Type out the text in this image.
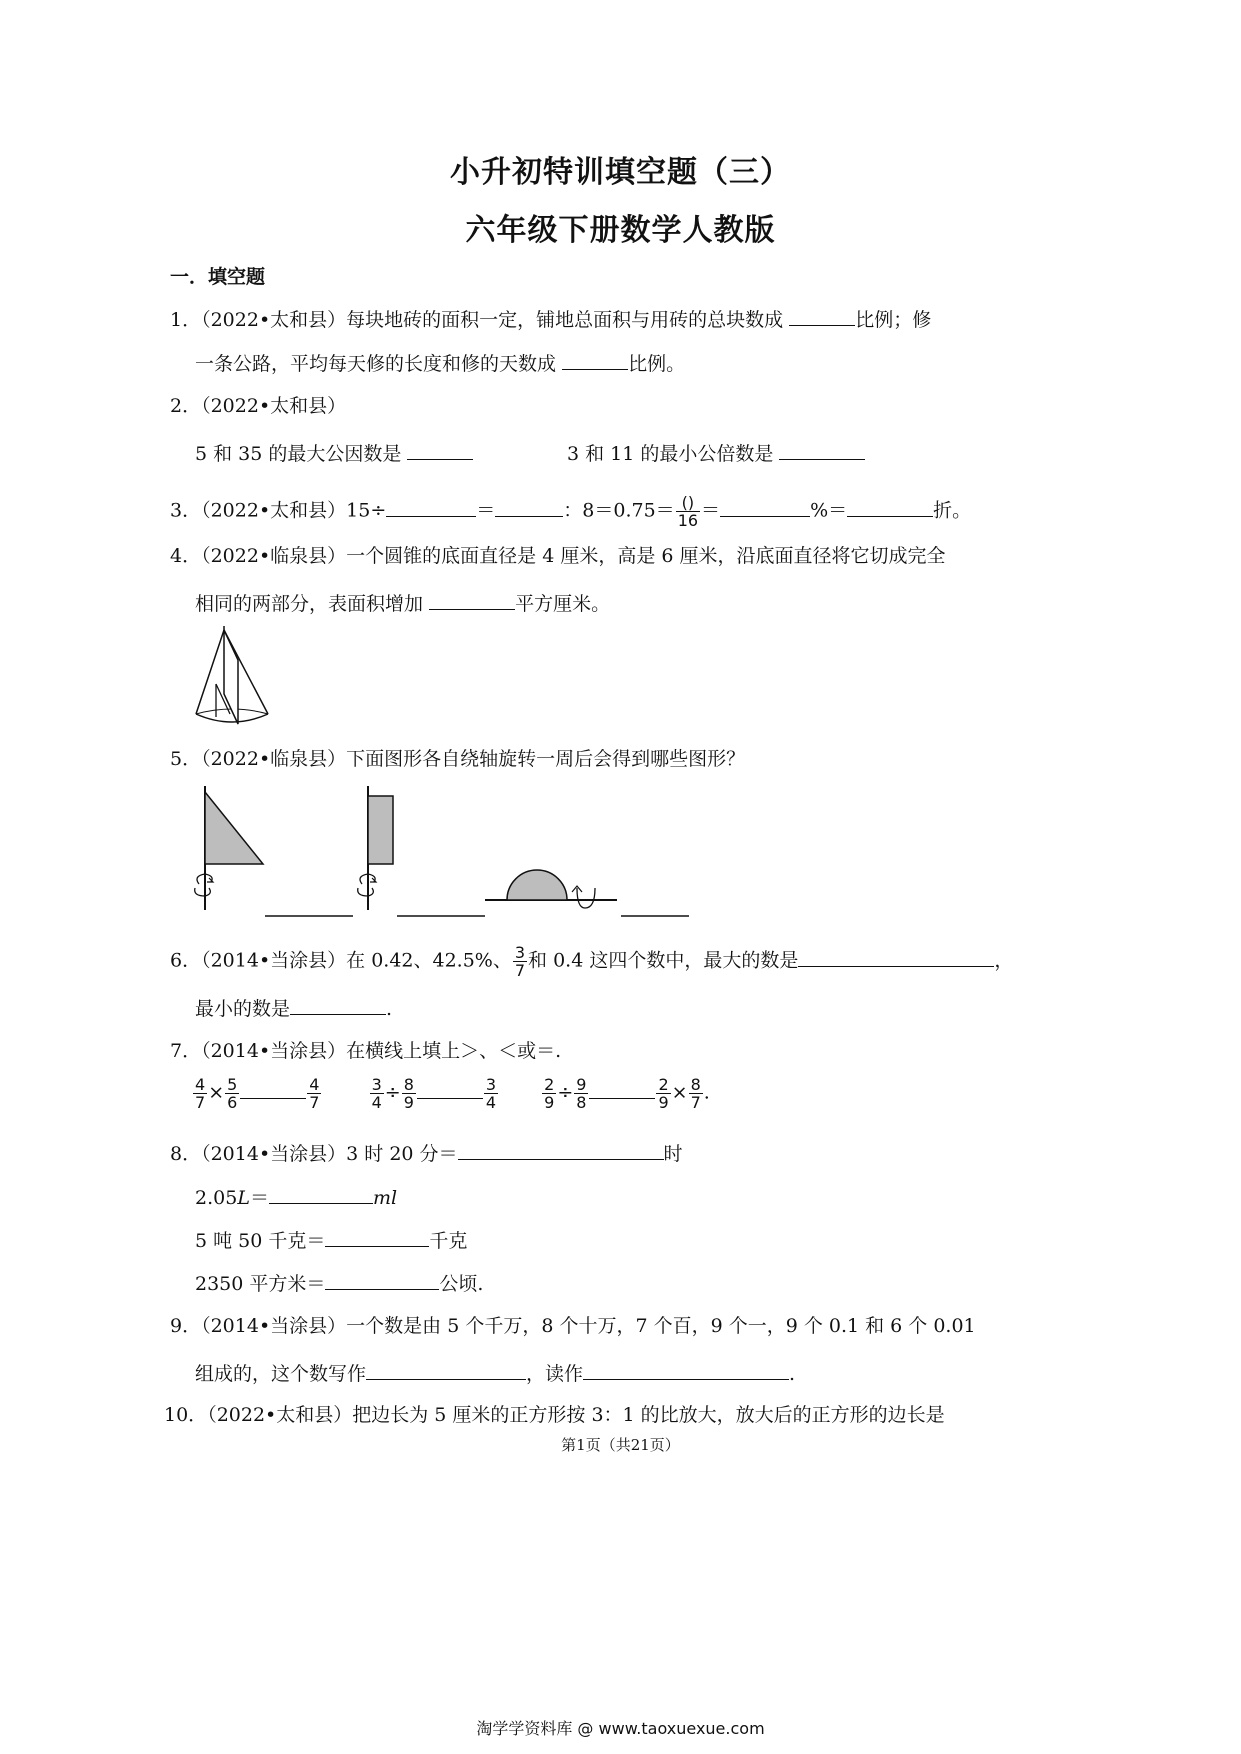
小升初特训填空题（三）
六年级下册数学人教版
一．填空题
1．（2022•太和县）每块地砖的面积一定，铺地总面积与用砖的总块数成	比例；修
一条公路，平均每天修的长度和修的天数成	比例。
2．（2022•太和县）
5 和 35 的最大公因数是	3 和 11 的最小公倍数是
3．（2022•太和县）15÷	＝	：$8=0.75= \frac{()}{16}$ ＝	%＝	折。
4．（2022•临泉县）一个圆锥的底面直径是 4 厘米，高是 6 厘米，沿底面直径将它切成完全
相同的两部分，表面积增加	平方厘米。
5．（2022•临泉县）下面图形各自绕轴旋转一周后会得到哪些图形？
6．（2014•当涂县）在 0.42、42.5%、 $\frac{3}{7}$ 和 0.4 这四个数中，最大的数是	，
最小的数是	.
7．（2014•当涂县）在横线上填上＞、＜或＝.
$\frac{4}{7} \times \frac{5}{6}$	$\frac{4}{7}$
	$\frac{3}{4} \div \frac{8}{9}$	$\frac{3}{4}$
	$\frac{2}{9} \div \frac{9}{8}$	$\frac{2}{9} \times \frac{8}{7}$ .
8．（2014•当涂县）3 时 20 分＝	时
2.05L＝	ml
5 吨 50 千克＝	千克
2350 平方米＝	公顷.
9．（2014•当涂县）一个数是由 5 个千万，8 个十万，7 个百，9 个一，9 个 0.1 和 6 个 0.01
组成的，这个数写作	，读作	.
10．（2022•太和县）把边长为 5 厘米的正方形按 3：1 的比放大，放大后的正方形的边长是
第1页（共21页）
淘学学资料库 @ www.taoxuexue.com
